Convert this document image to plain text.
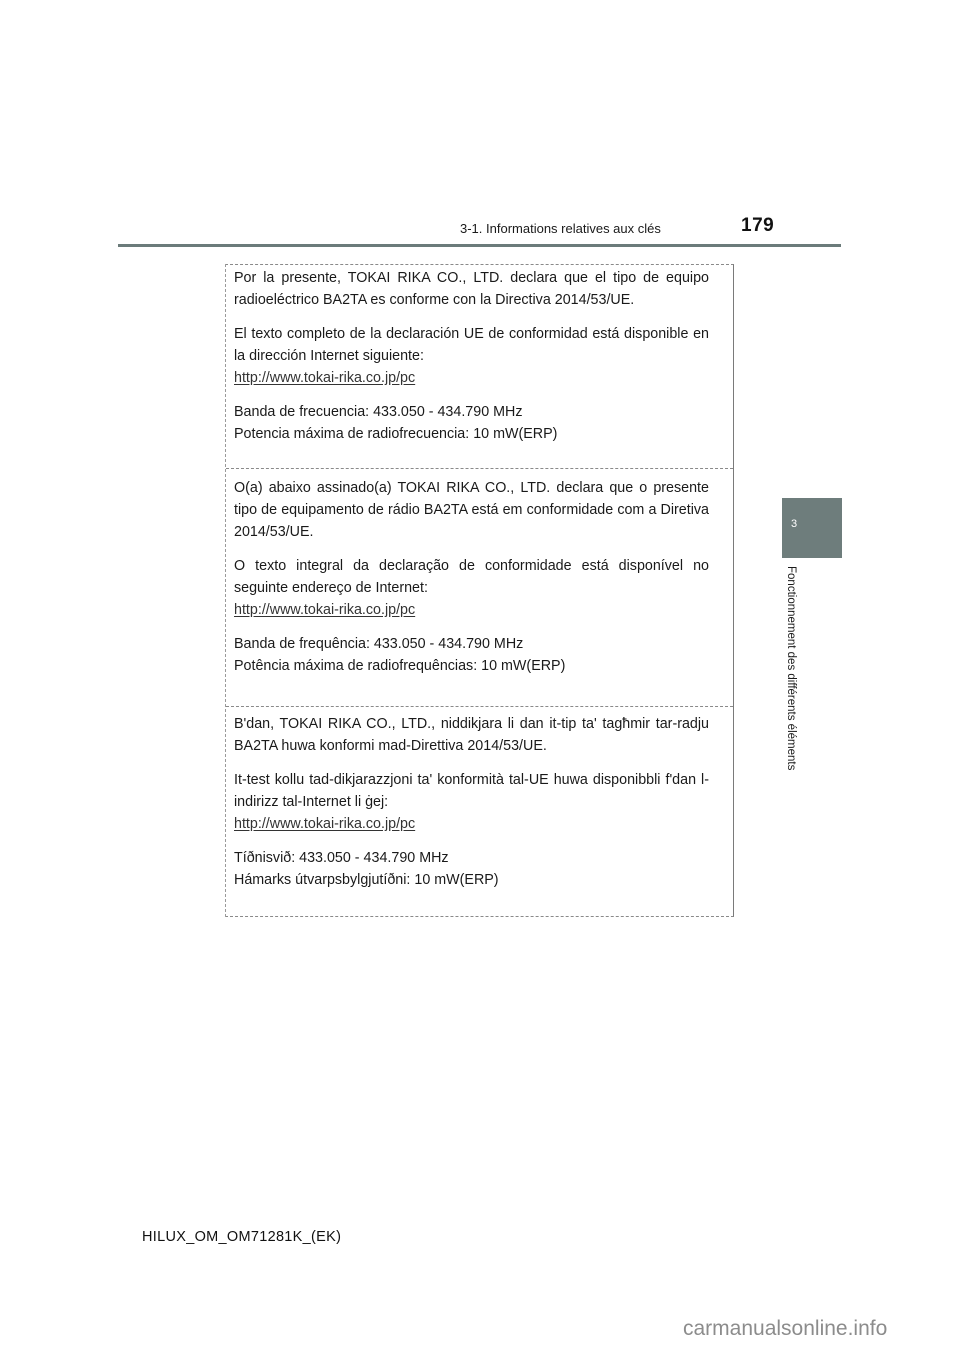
3-1. Informations relatives aux clés	179
3
Fonctionnement des différents éléments

Por la presente, TOKAI RIKA CO., LTD. declara que el tipo de equipo radioeléctrico BA2TA es conforme con la Directiva 2014/53/UE.

El texto completo de la declaración UE de conformidad está disponible en la dirección Internet siguiente:

http://www.tokai-rika.co.jp/pc

Banda de frecuencia: 433.050 - 434.790 MHz

Potencia máxima de radiofrecuencia: 10 mW(ERP)

O(a) abaixo assinado(a) TOKAI RIKA CO., LTD. declara que o presente tipo de equipamento de rádio BA2TA está em conformidade com a Diretiva 2014/53/UE.

O texto integral da declaração de conformidade está disponível no seguinte endereço de Internet:

http://www.tokai-rika.co.jp/pc

Banda de frequência: 433.050 - 434.790 MHz

Potência máxima de radiofrequências: 10 mW(ERP)

B'dan, TOKAI RIKA CO., LTD., niddikjara li dan it-tip ta' tagħmir tar-radju BA2TA huwa konformi mad-Direttiva 2014/53/UE.

It-test kollu tad-dikjarazzjoni ta' konformità tal-UE huwa disponibbli f'dan l-indirizz tal-Internet li ġej:

http://www.tokai-rika.co.jp/pc

Tíðnisvið: 433.050 - 434.790 MHz

Hámarks útvarpsbylgjutíðni: 10 mW(ERP)

HILUX_OM_OM71281K_(EK)
carmanualsonline.info
